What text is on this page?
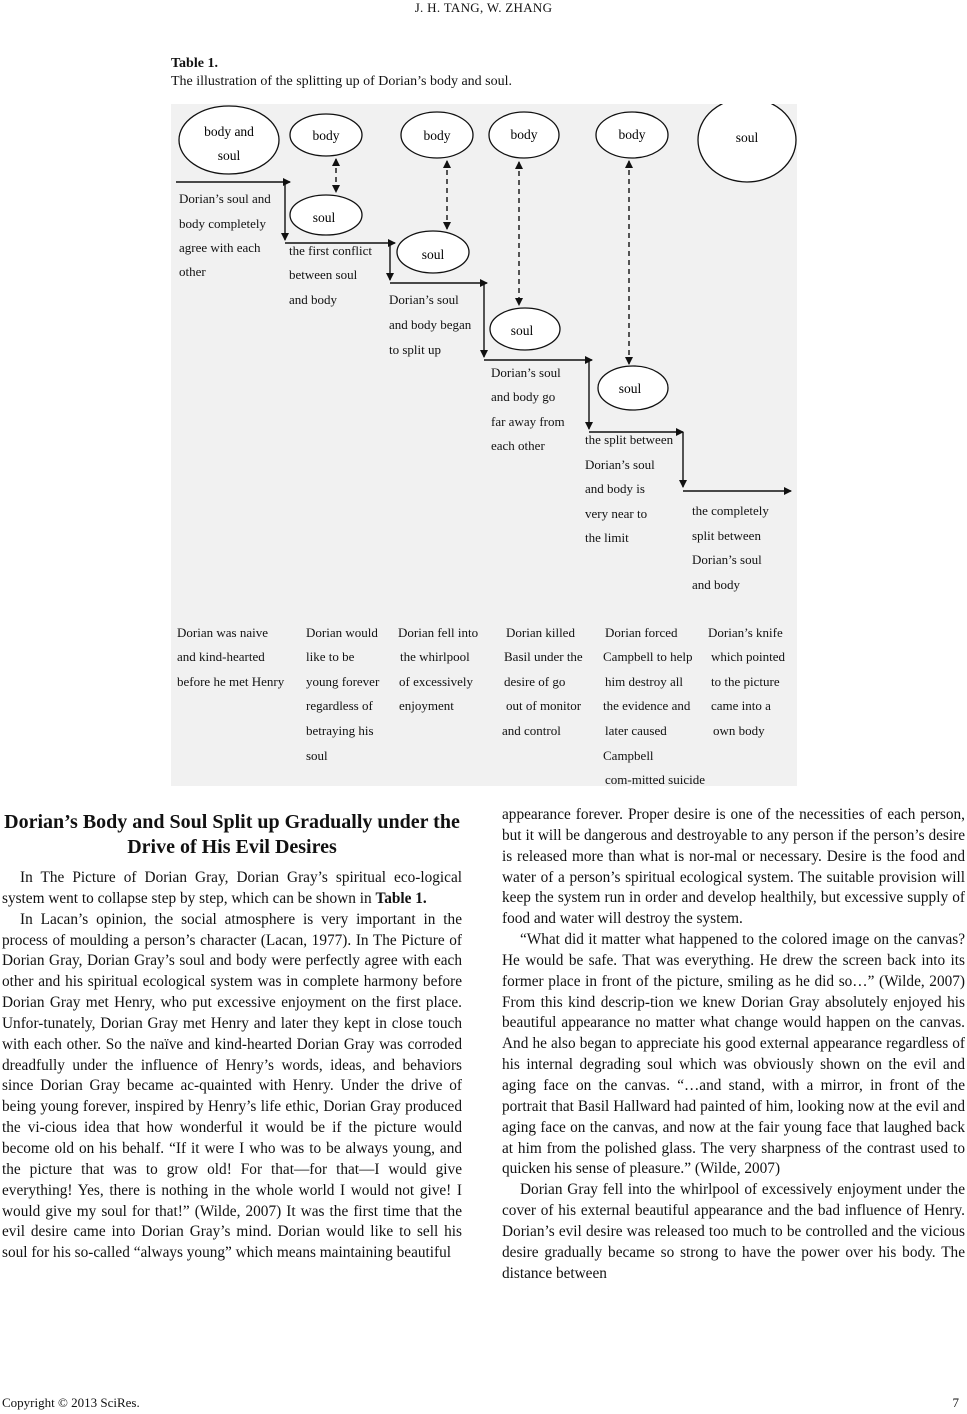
J. H. TANG, W. ZHANG
Table 1.
The illustration of the splitting up of Dorian’s body and soul.
body and
soul
body	body	body	body	soul
soul
soul
soul
soul
Dorian’s soul and body completely agree with each other
the first conflict between soul and body	Dorian’s soul and body began to split up
Dorian’s soul and body go far away from each other	the split between Dorian’s soul and body is very near to the limit
the completely split between Dorian’s soul and body
Dorian was naive and kind-hearted before he met Henry
Dorian would like to be young forever regardless of betraying his soul
Dorian fell into the whirlpool of excessively enjoyment
Dorian killed Basil under the desire of go out of monitor and control
Dorian forced Campbell to help him destroy all the evidence and later caused Campbell com-mitted suicide
Dorian’s knife which pointed to the picture came into a own body
Dorian’s Body and Soul Split up Gradually under the Drive of His Evil Desires

In The Picture of Dorian Gray, Dorian Gray’s spiritual eco-logical system went to collapse step by step, which can be shown in Table 1.

In Lacan’s opinion, the social atmosphere is very important in the process of moulding a person’s character (Lacan, 1977). In The Picture of Dorian Gray, Dorian Gray’s soul and body were perfectly agree with each other and his spiritual ecological system was in complete harmony before Dorian Gray met Henry, who put excessive enjoyment on the first place. Unfor-tunately, Dorian Gray met Henry and later they kept in close touch with each other. So the naïve and kind-hearted Dorian Gray was corroded dreadfully under the influence of Henry’s words, ideas, and behaviors since Dorian Gray became ac-quainted with Henry. Under the drive of being young forever, inspired by Henry’s life ethic, Dorian Gray produced the vi-cious idea that how wonderful it would be if the picture would become old on his behalf. “If it were I who was to be always young, and the picture that was to grow old! For that—for that—I would give everything! Yes, there is nothing in the whole world I would not give! I would give my soul for that!” (Wilde, 2007) It was the first time that the evil desire came into Dorian Gray’s mind. Dorian would like to sell his soul for his so-called “always young” which means maintaining beautiful

appearance forever. Proper desire is one of the necessities of each person, but it will be dangerous and destroyable to any person if the person’s desire is released more than what is nor-mal or necessary. Desire is the food and water of a person’s spiritual ecological system. The suitable provision will keep the system run in order and develop healthily, but excessive supply of food and water will destroy the system.

“What did it matter what happened to the colored image on the canvas? He would be safe. That was everything. He drew the screen back into its former place in front of the picture, smiling as he did so…” (Wilde, 2007) From this kind descrip-tion we knew Dorian Gray absolutely enjoyed his beautiful appearance no matter what change would happen on the canvas. And he also began to appreciate his good external appearance regardless of his internal degrading soul which was obviously shown on the evil and aging face on the canvas. “…and stand, with a mirror, in front of the portrait that Basil Hallward had painted of him, looking now at the evil and aging face on the canvas, and now at the fair young face that laughed back at him from the polished glass. The very sharpness of the contrast used to quicken his sense of pleasure.” (Wilde, 2007)

Dorian Gray fell into the whirlpool of excessively enjoyment under the cover of his external beautiful appearance and the bad influence of Henry. Dorian’s evil desire was released too much to be controlled and the vicious desire gradually became so strong to have the power over his body. The distance between

Copyright © 2013 SciRes.	7
